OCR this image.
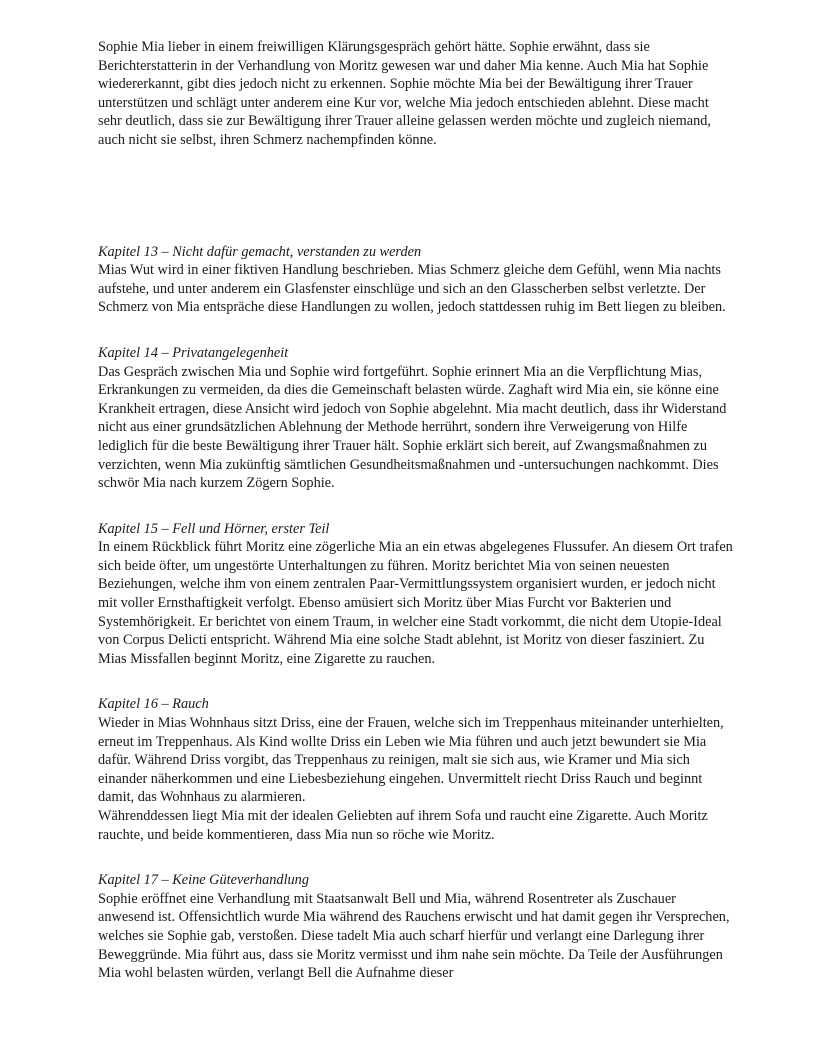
Sophie Mia lieber in einem freiwilligen Klärungsgespräch gehört hätte. Sophie erwähnt, dass sie Berichterstatterin in der Verhandlung von Moritz gewesen war und daher Mia kenne. Auch Mia hat Sophie wiedererkannt, gibt dies jedoch nicht zu erkennen. Sophie möchte Mia bei der Bewältigung ihrer Trauer unterstützen und schlägt unter anderem eine Kur vor, welche Mia jedoch entschieden ablehnt. Diese macht sehr deutlich, dass sie zur Bewältigung ihrer Trauer alleine gelassen werden möchte und zugleich niemand, auch nicht sie selbst, ihren Schmerz nachempfinden könne.

Kapitel 13 – Nicht dafür gemacht, verstanden zu werden

Mias Wut wird in einer fiktiven Handlung beschrieben. Mias Schmerz gleiche dem Gefühl, wenn Mia nachts aufstehe, und unter anderem ein Glasfenster einschlüge und sich an den Glasscherben selbst verletzte. Der Schmerz von Mia entspräche diese Handlungen zu wollen, jedoch stattdessen ruhig im Bett liegen zu bleiben.

Kapitel 14 – Privatangelegenheit

Das Gespräch zwischen Mia und Sophie wird fortgeführt. Sophie erinnert Mia an die Verpflichtung Mias, Erkrankungen zu vermeiden, da dies die Gemeinschaft belasten würde. Zaghaft wird Mia ein, sie könne eine Krankheit ertragen, diese Ansicht wird jedoch von Sophie abgelehnt. Mia macht deutlich, dass ihr Widerstand nicht aus einer grundsätzlichen Ablehnung der Methode herrührt, sondern ihre Verweigerung von Hilfe lediglich für die beste Bewältigung ihrer Trauer hält. Sophie erklärt sich bereit, auf Zwangsmaßnahmen zu verzichten, wenn Mia zukünftig sämtlichen Gesundheitsmaßnahmen und -untersuchungen nachkommt. Dies schwör Mia nach kurzem Zögern Sophie.

Kapitel 15 – Fell und Hörner, erster Teil

In einem Rückblick führt Moritz eine zögerliche Mia an ein etwas abgelegenes Flussufer. An diesem Ort trafen sich beide öfter, um ungestörte Unterhaltungen zu führen. Moritz berichtet Mia von seinen neuesten Beziehungen, welche ihm von einem zentralen Paar-Vermittlungssystem organisiert wurden, er jedoch nicht mit voller Ernsthaftigkeit verfolgt. Ebenso amüsiert sich Moritz über Mias Furcht vor Bakterien und Systemhörigkeit. Er berichtet von einem Traum, in welcher eine Stadt vorkommt, die nicht dem Utopie-Ideal von Corpus Delicti entspricht. Während Mia eine solche Stadt ablehnt, ist Moritz von dieser fasziniert. Zu Mias Missfallen beginnt Moritz, eine Zigarette zu rauchen.

Kapitel 16 – Rauch

Wieder in Mias Wohnhaus sitzt Driss, eine der Frauen, welche sich im Treppenhaus miteinander unterhielten, erneut im Treppenhaus. Als Kind wollte Driss ein Leben wie Mia führen und auch jetzt bewundert sie Mia dafür. Während Driss vorgibt, das Treppenhaus zu reinigen, malt sie sich aus, wie Kramer und Mia sich einander näherkommen und eine Liebesbeziehung eingehen. Unvermittelt riecht Driss Rauch und beginnt damit, das Wohnhaus zu alarmieren.

Währenddessen liegt Mia mit der idealen Geliebten auf ihrem Sofa und raucht eine Zigarette. Auch Moritz rauchte, und beide kommentieren, dass Mia nun so röche wie Moritz.

Kapitel 17 – Keine Güteverhandlung

Sophie eröffnet eine Verhandlung mit Staatsanwalt Bell und Mia, während Rosentreter als Zuschauer anwesend ist. Offensichtlich wurde Mia während des Rauchens erwischt und hat damit gegen ihr Versprechen, welches sie Sophie gab, verstoßen. Diese tadelt Mia auch scharf hierfür und verlangt eine Darlegung ihrer Beweggründe. Mia führt aus, dass sie Moritz vermisst und ihm nahe sein möchte. Da Teile der Ausführungen Mia wohl belasten würden, verlangt Bell die Aufnahme dieser
